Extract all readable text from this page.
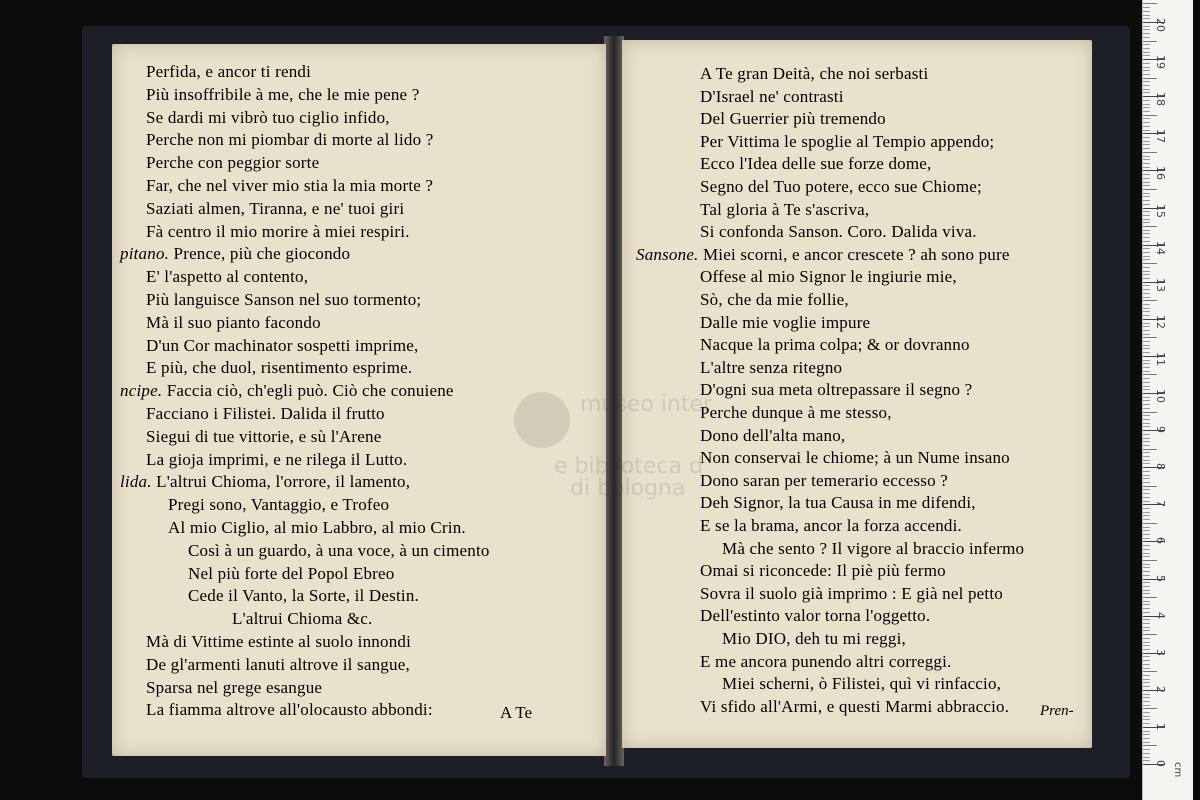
Perfida, e ancor ti rendi
Più insoffribile à me, che le mie pene ?
Se dardi mi vibrò tuo ciglio infido,
Perche non mi piombar di morte al lido ?
Perche con peggior sorte
Far, che nel viver mio stia la mia morte ?
Saziati almen, Tiranna, e ne' tuoi giri
Fà centro il mio morire à miei respiri.
pitano. Prence, più che giocondo
E' l'aspetto al contento,
Più languisce Sanson nel suo tormento;
Mà il suo pianto facondo
D'un Cor machinator sospetti imprime,
E più, che duol, risentimento esprime.
ncipe. Faccia ciò, ch'egli può. Ciò che conuiene
Facciano i Filistei. Dalida il frutto
Siegui di tue vittorie, e sù l'Arene
La gioja imprimi, e ne rilega il Lutto.
lida. L'altrui Chioma, l'orrore, il lamento,
Pregi sono, Vantaggio, e Trofeo
Al mio Ciglio, al mio Labbro, al mio Crin.
Così à un guardo, à una voce, à un cimento
Nel più forte del Popol Ebreo
Cede il Vanto, la Sorte, il Destin.
L'altrui Chioma &c.
Mà di Vittime estinte al suolo innondi
De gl'armenti lanuti altrove il sangue,
Sparsa nel grege esangue
La fiamma altrove all'olocausto abbondi:
A Te gran Deità, che noi serbasti
D'Israel ne' contrasti
Del Guerrier più tremendo
Per Vittima le spoglie al Tempio appendo;
Ecco l'Idea delle sue forze dome,
Segno del Tuo potere, ecco sue Chiome;
Tal gloria à Te s'ascriva,
Si confonda Sanson. Coro. Dalida viva.
Sansone. Miei scorni, e ancor crescete ? ah sono pure
Offese al mio Signor le ingiurie mie,
Sò, che da mie follie,
Dalle mie voglie impure
Nacque la prima colpa; & or dovranno
L'altre senza ritegno
D'ogni sua meta oltrepassare il segno ?
Perche dunque à me stesso,
Dono dell'alta mano,
Non conservai le chiome; à un Nume insano
Dono saran per temerario eccesso ?
Deh Signor, la tua Causa in me difendi,
E se la brama, ancor la forza accendi.
Mà che sento ? Il vigore al braccio infermo
Omai si riconcede: Il piè più fermo
Sovra il suolo già imprimo : E già nel petto
Dell'estinto valor torna l'oggetto.
Mio DIO, deh tu mi reggi,
E me ancora punendo altri correggi.
Miei scherni, ò Filistei, quì vi rinfaccio,
Vi sfido all'Armi, e questi Marmi abbraccio.
A Te	Pren-
cm
0
1
2
3
4
5
6
7
8
9
10
11
12
13
14
15
16
17
18
19
20
